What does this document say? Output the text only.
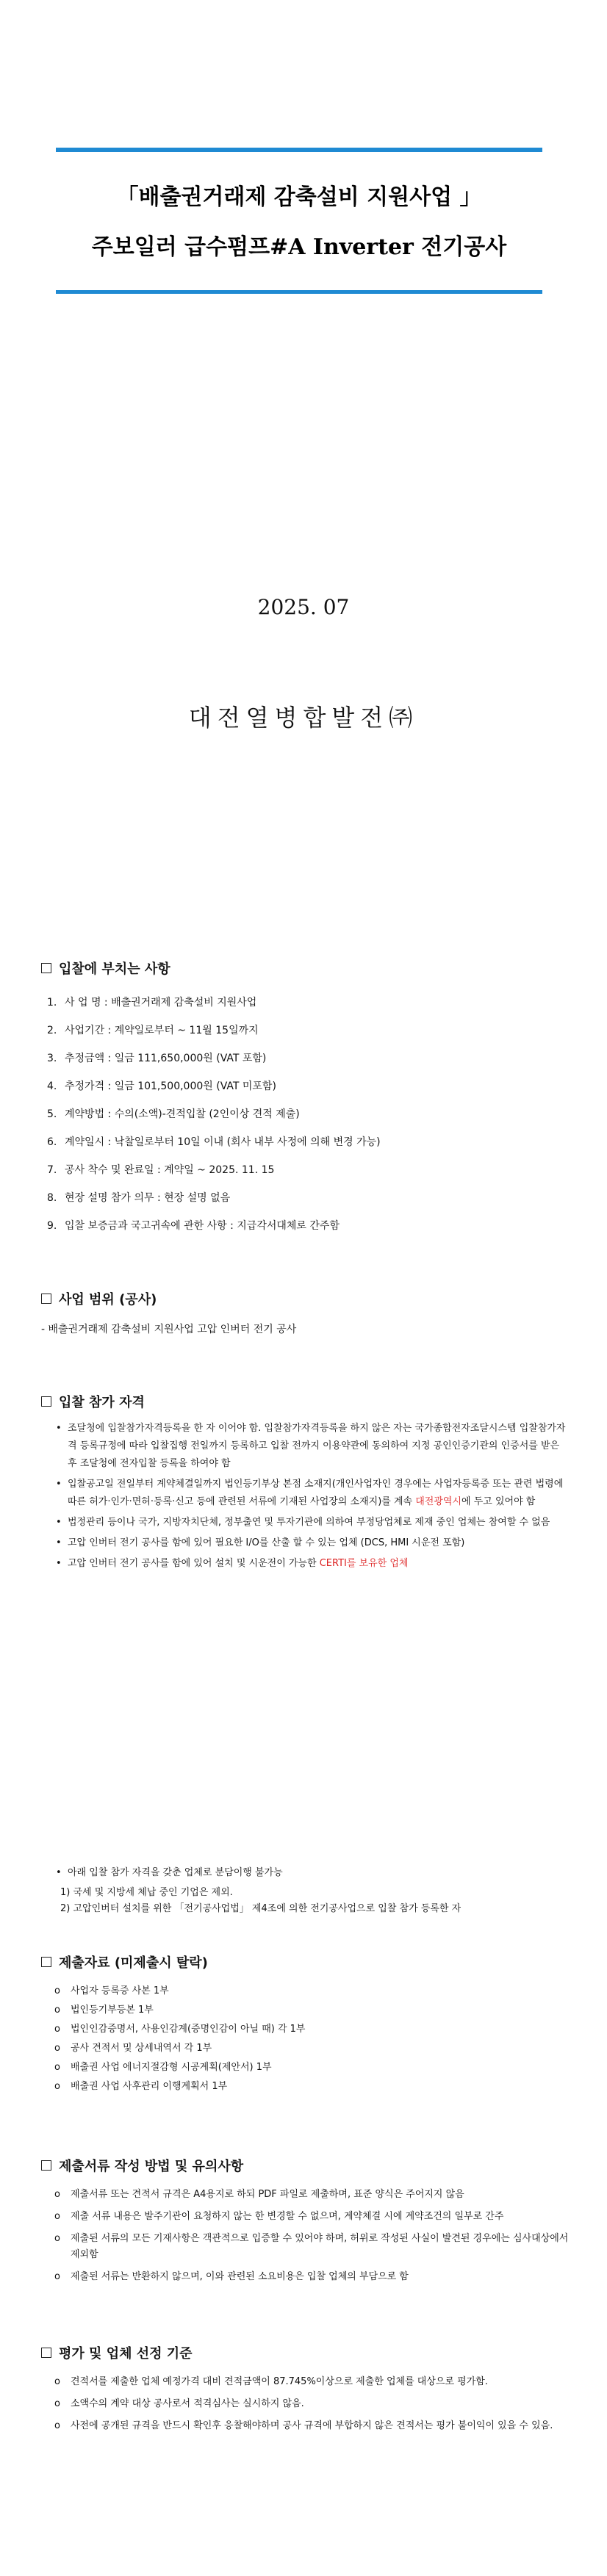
「배출권거래제 감축설비 지원사업 」
주보일러 급수펌프#A Inverter 전기공사
2025. 07
대전열병합발전㈜
입찰에 부치는 사항
1. 사 업 명 : 배출권거래제 감축설비 지원사업
2. 사업기간 : 계약일로부터 ~ 11월 15일까지
3. 추정금액 : 일금 111,650,000원 (VAT 포함)
4. 추정가격 : 일금 101,500,000원 (VAT 미포함)
5. 계약방법 : 수의(소액)-견적입찰 (2인이상 견적 제출)
6. 계약일시 : 낙찰일로부터 10일 이내 (회사 내부 사정에 의해 변경 가능)
7. 공사 착수 및 완료일 : 계약일 ~ 2025. 11. 15
8. 현장 설명 참가 의무 : 현장 설명 없음
9. 입찰 보증금과 국고귀속에 관한 사항 : 지급각서대체로 간주함
사업 범위 (공사)
- 배출권거래제 감축설비 지원사업 고압 인버터 전기 공사
입찰 참가 자격
• 조달청에 입찰참가자격등록을 한 자 이어야 함. 입찰참가자격등록을 하지 않은 자는 국가종합전자조달시스템 입찰참가자격 등록규정에 따라 입찰집행 전일까지 등록하고 입찰 전까지 이용약관에 동의하여 지정 공인인증기관의 인증서를 받은 후 조달청에 전자입찰 등록을 하여야 함
• 입찰공고일 전일부터 계약체결일까지 법인등기부상 본점 소재지(개인사업자인 경우에는 사업자등록증 또는 관련 법령에 따른 허가·인가·면허·등록·신고 등에 관련된 서류에 기재된 사업장의 소재지)를 계속 대전광역시에 두고 있어야 함
• 법정관리 등이나 국가, 지방자치단체, 정부출연 및 투자기관에 의하여 부정당업체로 제재 중인 업체는 참여할 수 없음
• 고압 인버터 전기 공사를 함에 있어 필요한 I/O를 산출 할 수 있는 업체 (DCS, HMI 시운전 포함)
• 고압 인버터 전기 공사를 함에 있어 설치 및 시운전이 가능한 CERTI를 보유한 업체
• 아래 입찰 참가 자격을 갖춘 업체로 분담이행 불가능
1) 국세 및 지방세 체납 중인 기업은 제외.
2) 고압인버터 설치를 위한 「전기공사업법」 제4조에 의한 전기공사업으로 입찰 참가 등록한 자
제출자료 (미제출시 탈락)
o 사업자 등록증 사본 1부
o 법인등기부등본 1부
o 법인인감증명서, 사용인감계(증명인감이 아닐 때) 각 1부
o 공사 견적서 및 상세내역서 각 1부
o 배출권 사업 에너지절감형 시공계획(제안서) 1부
o 배출권 사업 사후관리 이행계획서 1부
제출서류 작성 방법 및 유의사항
o 제출서류 또는 견적서 규격은 A4용지로 하되 PDF 파일로 제출하며, 표준 양식은 주어지지 않음
o 제출 서류 내용은 발주기관이 요청하지 않는 한 변경할 수 없으며, 계약체결 시에 계약조건의 일부로 간주
o 제출된 서류의 모든 기재사항은 객관적으로 입증할 수 있어야 하며, 허위로 작성된 사실이 발견된 경우에는 심사대상에서 제외함
o 제출된 서류는 반환하지 않으며, 이와 관련된 소요비용은 입찰 업체의 부담으로 함
평가 및 업체 선정 기준
o 견적서를 제출한 업체 예정가격 대비 견적금액이 87.745%이상으로 제출한 업체를 대상으로 평가함.
o 소액수의 계약 대상 공사로서 적격심사는 실시하지 않음.
o 사전에 공개된 규격을 반드시 확인후 응찰해야하며 공사 규격에 부합하지 않은 견적서는 평가 불이익이 있을 수 있음.
